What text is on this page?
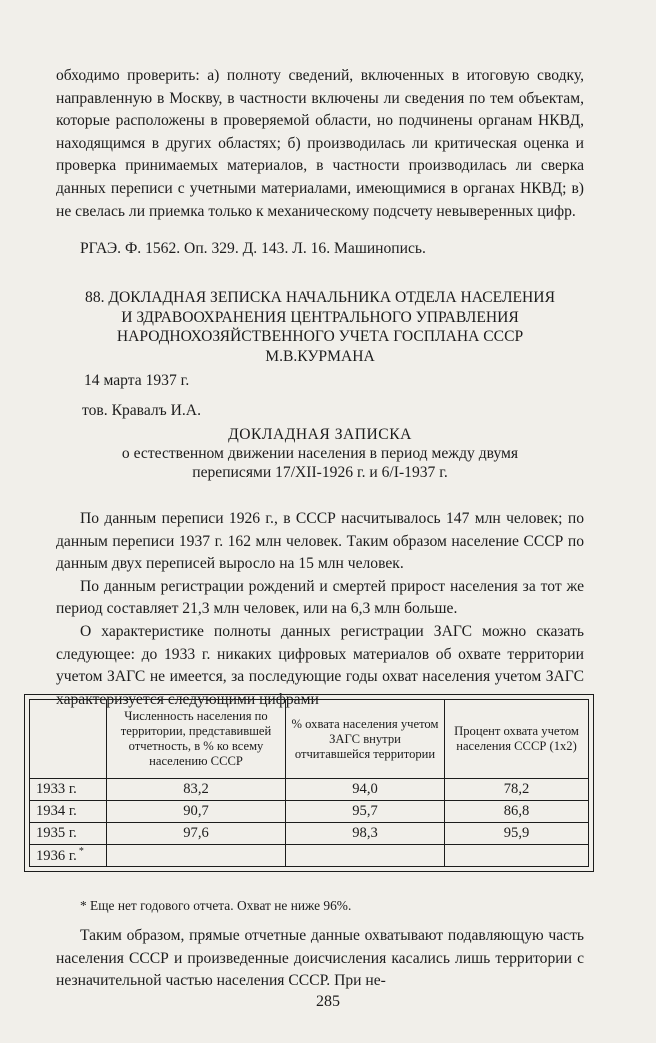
обходимо проверить: а) полноту сведений, включенных в итоговую сводку, направленную в Москву, в частности включены ли сведения по тем объектам, которые расположены в проверяемой области, но подчинены органам НКВД, находящимся в других областях; б) производилась ли критическая оценка и проверка принимаемых материалов, в частности производилась ли сверка данных переписи с учетными материалами, имеющимися в органах НКВД; в) не свелась ли приемка только к механическому подсчету невыверенных цифр.

РГАЭ. Ф. 1562. Оп. 329. Д. 143. Л. 16. Машинопись.

88. ДОКЛАДНАЯ ЗЕПИСКА НАЧАЛЬНИКА ОТДЕЛА НАСЕЛЕНИЯ И ЗДРАВООХРАНЕНИЯ ЦЕНТРАЛЬНОГО УПРАВЛЕНИЯ НАРОДНОХОЗЯЙСТВЕННОГО УЧЕТА ГОСПЛАНА СССР М.В.КУРМАНА

14 марта 1937 г.

тов. Кравалъ И.А.

ДОКЛАДНАЯ ЗАПИСКА
о естественном движении населения в период между двумя
переписями 17/XII-1926 г. и 6/I-1937 г.

По данным переписи 1926 г., в СССР насчитывалось 147 млн человек; по данным переписи 1937 г. 162 млн человек. Таким образом население СССР по данным двух переписей выросло на 15 млн человек.

По данным регистрации рождений и смертей прирост населения за тот же период составляет 21,3 млн человек, или на 6,3 млн больше.

О характеристике полноты данных регистрации ЗАГС можно сказать следующее: до 1933 г. никаких цифровых материалов об охвате территории учетом ЗАГС не имеется, за последующие годы охват населения учетом ЗАГС характеризуется следующими цифрами

	Численность населения по территории, представившей отчетность, в % ко всему населению СССР	% охвата населения учетом ЗАГС внутри отчитавшейся территории	Процент охвата учетом населения СССР (1х2)
1933 г.	83,2	94,0	78,2
1934 г.	90,7	95,7	86,8
1935 г.	97,6	98,3	95,9
1936 г. *			

* Еще нет годового отчета. Охват не ниже 96%.

Таким образом, прямые отчетные данные охватывают подавляющую часть населения СССР и произведенные доисчисления касались лишь территории с незначительной частью населения СССР. При не-

285
